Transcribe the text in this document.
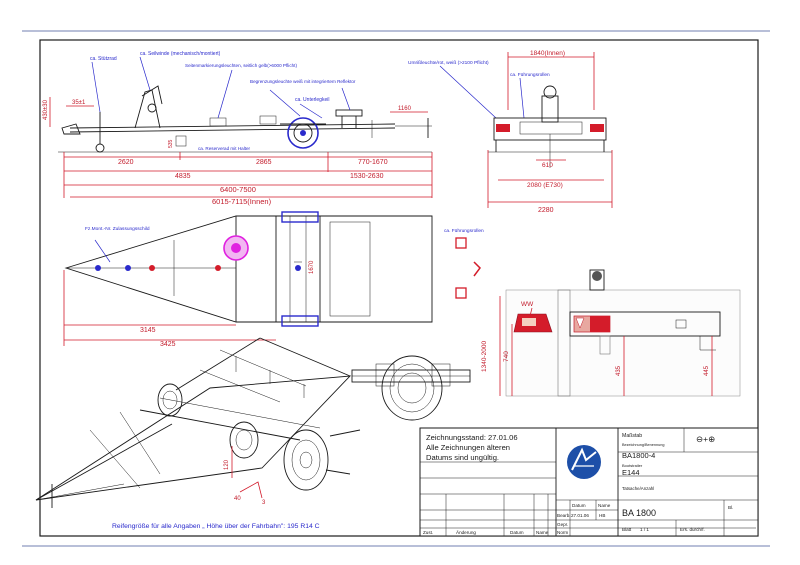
ca. Stützrad
ca. Seilwinde (mechanisch/montiert)
Seitenmarkierungsleuchten, seitlich gelb(>6000 Pflicht)
Begrenzungsleuchte weiß mit integriertem Reflektor
ca. Unterlegkeil
ca. Reserverad mit Halter
430±30	35±1
1160
535
2620	2865	770-1670
4835	1530-2630
6400-7500
6015-7115(Innen)
1840(Innen)
Umrißleuchte/rot, weiß (>2100 Pflicht)
ca. Führungsrollen
610
2080 (E730)
2280
1670
Fz.Mont.-Nr. Zulassungsschild	ca. Führungsrollen
3145
3425
WW
1340-2000 740
435	445
120
40
3
Reifengröße für alle Angaben „ Höhe über der Fahrbahn": 195 R14 C
Zeichnungsstand: 27.01.06
Alle Zeichnungen älteren
Datums sind ungültig.
Zust.	Änderung	Datum	Name
Datum	Name
Bearb. 27.01.06 HB
Gepr.
Norm
Maßstab	⊖+⊕
Bezeichnung/Benennung
BA1800-4
Bootstrailer
E144
Tatsache/Anzahl
BA 1800
Bl.
Blatt 1 / 1	Ers. durch/f.
